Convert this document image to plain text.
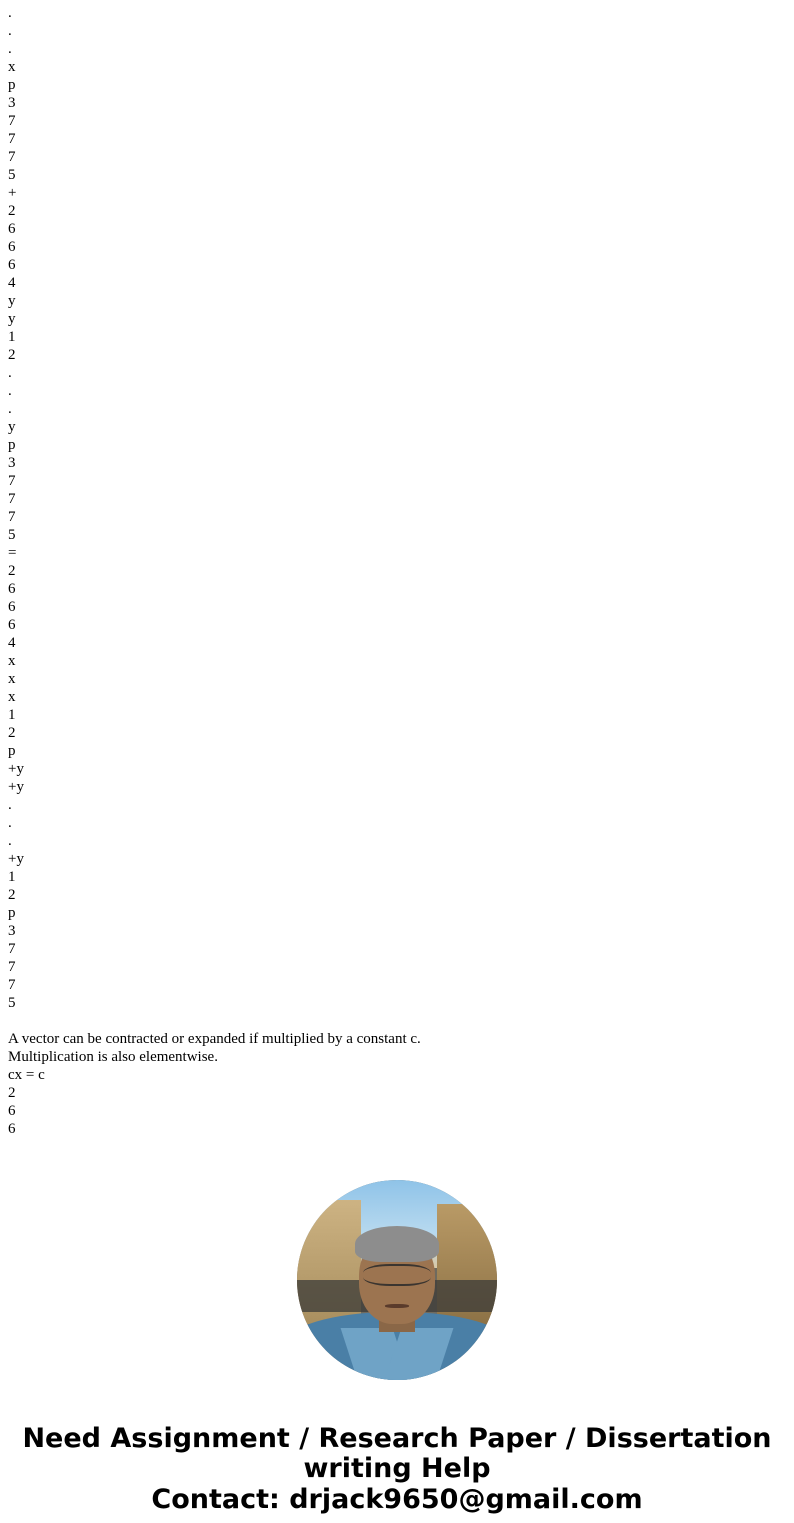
.
.
.
x
p
3
7
7
7
5
+
2
6
6
6
4
y
y
1
2
.
.
.
y
p
3
7
7
7
5
=
2
6
6
6
4
x
x
x
1
2
p
+y
+y
.
.
.
+y
1
2
p
3
7
7
7
5
A vector can be contracted or expanded if multiplied by a constant c.
Multiplication is also elementwise.
cx = c
2
6
6
Need Assignment / Research Paper / Dissertation
writing Help
Contact: drjack9650@gmail.com
